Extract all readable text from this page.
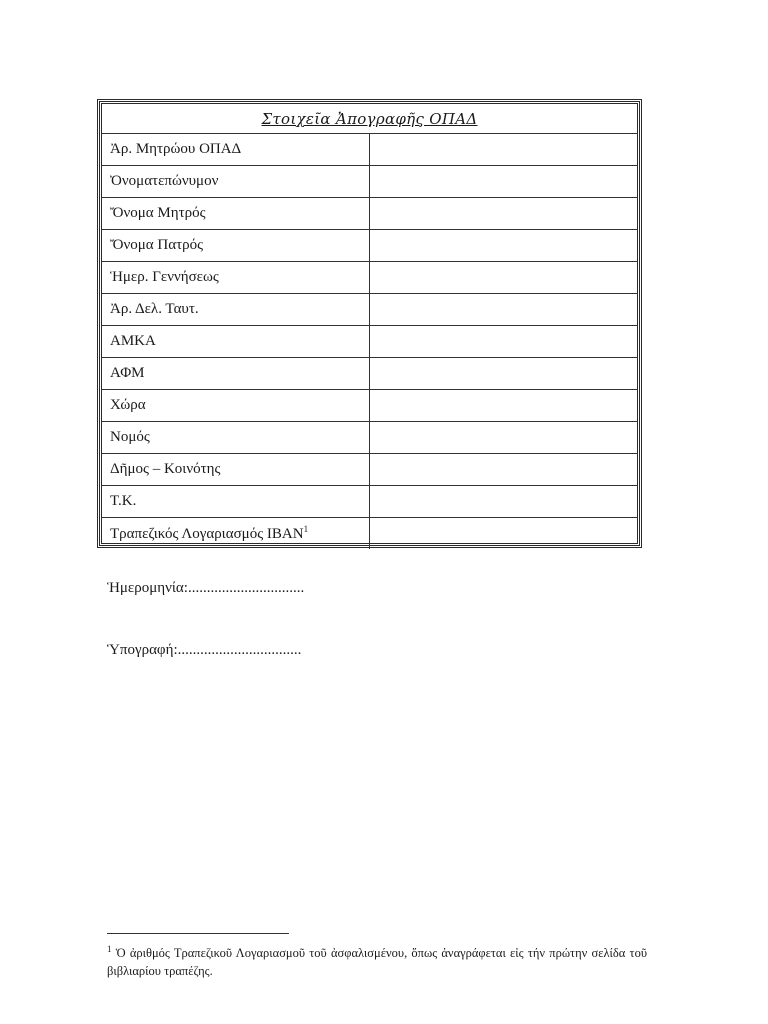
Στοιχεῖα Ἀπογραφῆς ΟΠΑΔ	
Ἀρ. Μητρώου ΟΠΑΔ	
Ὀνοματεπώνυμον	
Ὄνομα Μητρός	
Ὄνομα Πατρός	
Ἡμερ. Γεννήσεως	
Ἀρ. Δελ. Ταυτ.	
ΑΜΚΑ	
ΑΦΜ	
Χώρα	
Νομός	
Δῆμος – Κοινότης	
Τ.Κ.	
Τραπεζικός Λογαριασμός IBAN$^1$	
Ἡμερομηνία:...............................
Ὑπογραφή:.................................
$^1$ Ὁ ἀριθμός Τραπεζικοῦ Λογαριασμοῦ τοῦ ἀσφαλισμένου, ὅπως ἀναγράφεται εἰς τήν πρώτην σελίδα τοῦ βιβλιαρίου τραπέζης.
